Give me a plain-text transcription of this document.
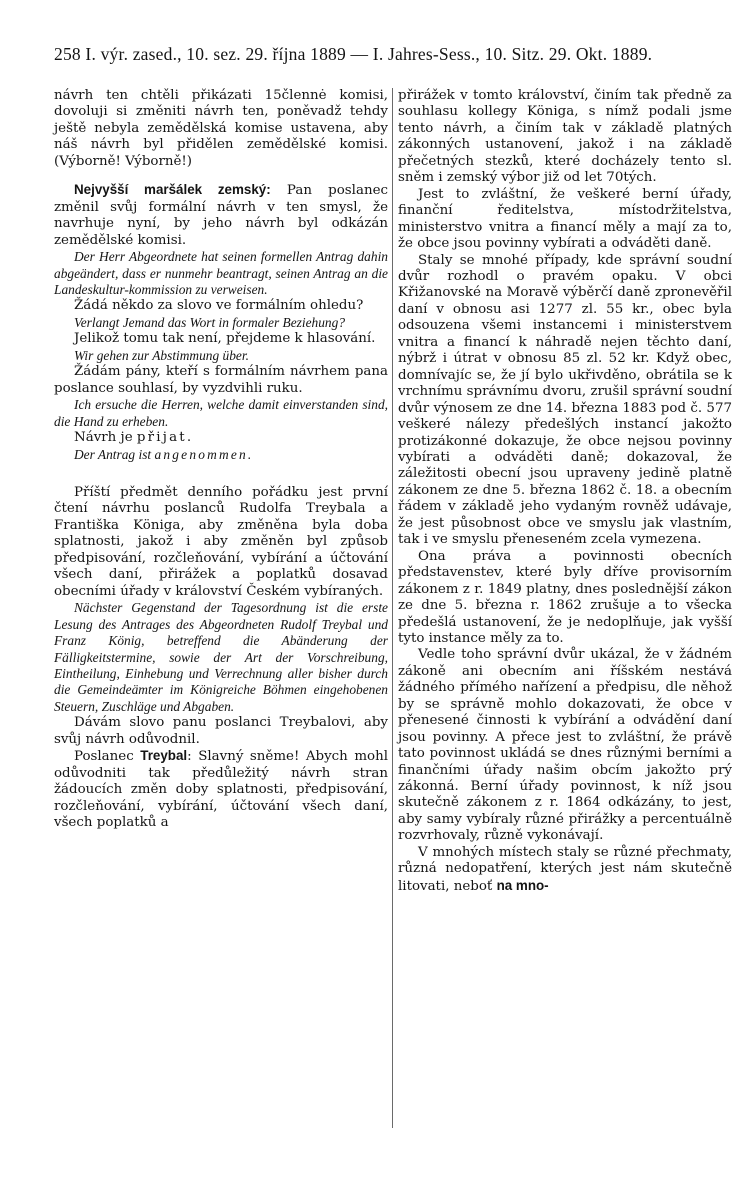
258 I. výr. zased., 10. sez. 29. října 1889 — I. Jahres-Sess., 10. Sitz. 29. Okt. 1889.

návrh ten chtěli přikázati 15člennė komisi, dovoluji si změniti návrh ten, poněvadž tehdy ještě nebyla zemědělská komise ustavena, aby náš návrh byl přidělen zemědělské komisi. (Výborně! Výborně!)

Nejvyšší maršálek zemský: Pan poslanec změnil svůj formální návrh v ten smysl, že navrhuje nyní, by jeho návrh byl odkázán zemědělské komisi.

Der Herr Abgeordnete hat seinen formellen Antrag dahin abgeändert, dass er nunmehr beantragt, seinen Antrag an die Landeskultur-kommission zu verweisen.

Žádá někdo za slovo ve formálním ohledu?

Verlangt Jemand das Wort in formaler Beziehung?

Jelikož tomu tak není, přejdeme k hlasování.

Wir gehen zur Abstimmung über.

Žádám pány, kteří s formálním návrhem pana poslance souhlasí, by vyzdvihli ruku.

Ich ersuche die Herren, welche damit einverstanden sind, die Hand zu erheben.

Návrh je přijat.

Der Antrag ist angenommen.

Příští předmět denního pořádku jest první čtení návrhu poslanců Rudolfa Treybala a Františka Königa, aby změněna byla doba splatnosti, jakož i aby změněn byl způsob předpisování, rozčleňování, vybírání a účtování všech daní, přirážek a poplatků dosavad obecními úřady v království Českém vybíraných.

Nächster Gegenstand der Tagesordnung ist die erste Lesung des Antrages des Abgeordneten Rudolf Treybal und Franz König, betreffend die Abänderung der Fälligkeitstermine, sowie der Art der Vorschreibung, Eintheilung, Einhebung und Verrechnung aller bisher durch die Gemeindeämter im Königreiche Böhmen eingehobenen Steuern, Zuschläge und Abgaben.

Dávám slovo panu poslanci Treybalovi, aby svůj návrh odůvodnil.

Poslanec Treybal: Slavný sněme! Abych mohl odůvodniti tak předůležitý návrh stran žádoucích změn doby splatnosti, předpisování, rozčleňování, vybírání, účtování všech daní, všech poplatků a

přirážek v tomto království, činím tak předně za souhlasu kollegy Königa, s nímž podali jsme tento návrh, a činím tak v základě platných zákonných ustanovení, jakož i na základě přečetných stezků, které docházely tento sl. sněm i zemský výbor již od let 70tých.

Jest to zvláštní, že veškeré berní úřady, finanční ředitelstva, místodržitelstva, ministerstvo vnitra a financí měly a mají za to, že obce jsou povinny vybírati a odváděti daně.

Staly se mnohé případy, kde správní soudní dvůr rozhodl o pravém opaku. V obci Křižanovské na Moravě výběrčí daně zpronevěřil daní v obnosu asi 1277 zl. 55 kr., obec byla odsouzena všemi instancemi i ministerstvem vnitra a financí k náhradě nejen těchto daní, nýbrž i útrat v obnosu 85 zl. 52 kr. Když obec, domnívajíc se, že jí bylo ukřivděno, obrátila se k vrchnímu správnímu dvoru, zrušil správní soudní dvůr výnosem ze dne 14. března 1883 pod č. 577 veškeré nálezy předešlých instancí jakožto protizákonné dokazuje, že obce nejsou povinny vybírati a odváděti daně; dokazoval, že záležitosti obecní jsou upraveny jedině platně zákonem ze dne 5. března 1862 č. 18. a obecním řádem v základě jeho vydaným rovněž udávaje, že jest působnost obce ve smyslu jak vlastním, tak i ve smyslu přeneseném zcela vymezena.

Ona práva a povinnosti obecních představenstev, které byly dříve provisorním zákonem z r. 1849 platny, dnes poslednější zákon ze dne 5. března r. 1862 zrušuje a to všecka předešlá ustanovení, že je nedoplňuje, jak vyšší tyto instance měly za to.

Vedle toho správní dvůr ukázal, že v žádném zákoně ani obecním ani říšském nestává žádného přímého nařízení a předpisu, dle něhož by se správně mohlo dokazovati, že obce v přenesené činnosti k vybírání a odvádění daní jsou povinny. A přece jest to zvláštní, že právě tato povinnost ukládá se dnes různými berními a finančními úřady našim obcím jakožto prý zákonná. Berní úřady povinnost, k níž jsou skutečně zákonem z r. 1864 odkázány, to jest, aby samy vybíraly různé přirážky a percentuálně rozvrhovaly, různě vykonávají.

V mnohých místech staly se různé přechmaty, různá nedopatření, kterých jest nám skutečně litovati, neboť na mno-
